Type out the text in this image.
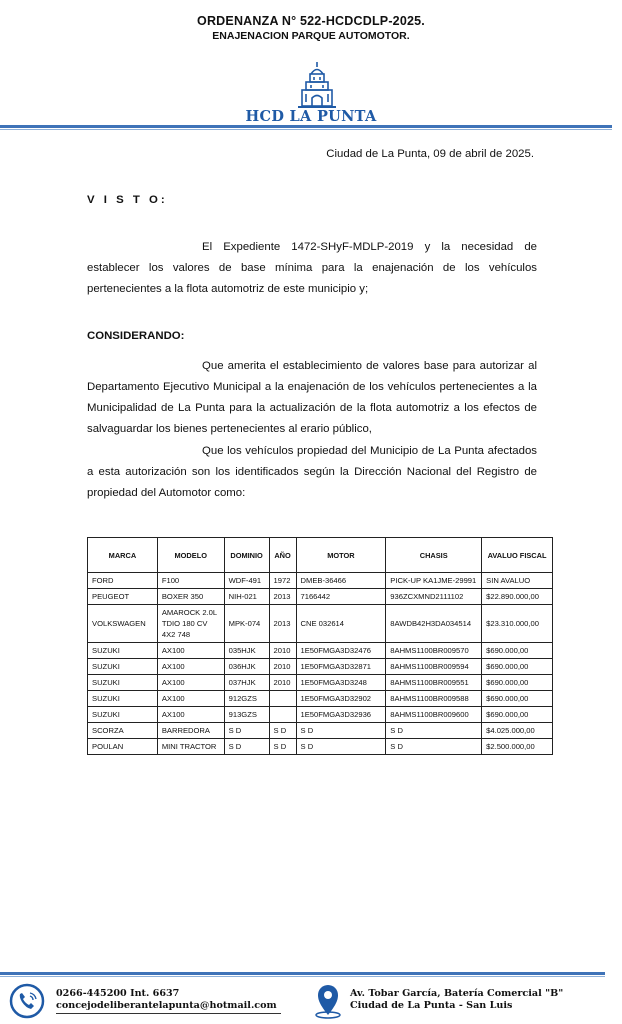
ORDENANZA N° 522-HCDCDLP-2025.
ENAJENACION PARQUE AUTOMOTOR.
HCD LA PUNTA
Ciudad de La Punta, 09 de abril de 2025.
V I S T O:
El Expediente 1472-SHyF-MDLP-2019 y la necesidad de establecer los valores de base mínima para la enajenación de los vehículos pertenecientes a la flota automotriz de este municipio y;
CONSIDERANDO:
Que amerita el establecimiento de valores base para autorizar al Departamento Ejecutivo Municipal a la enajenación de los vehículos pertenecientes a la Municipalidad de La Punta para la actualización de la flota automotriz a los efectos de salvaguardar los bienes pertenecientes al erario público,
Que los vehículos propiedad del Municipio de La Punta afectados a esta autorización son los identificados según la Dirección Nacional del Registro de propiedad del Automotor como:
MARCA	MODELO	DOMINIO	AÑO	MOTOR	CHASIS	AVALUO FISCAL
FORD	F100	WDF-491	1972	DMEB-36466	PICK-UP KA1JME-29991	SIN AVALUO
PEUGEOT	BOXER 350	NIH-021	2013	7166442	936ZCXMND2111102	$22.890.000,00
VOLKSWAGEN	AMAROCK 2.0L TDIO 180 CV 4X2 748	MPK-074	2013	CNE 032614	8AWDB42H3DA034514	$23.310.000,00
SUZUKI	AX100	035HJK	2010	1E50FMGA3D32476	8AHMS1100BR009570	$690.000,00
SUZUKI	AX100	036HJK	2010	1E50FMGA3D32871	8AHMS1100BR009594	$690.000,00
SUZUKI	AX100	037HJK	2010	1E50FMGA3D3248	8AHMS1100BR009551	$690.000,00
SUZUKI	AX100	912GZS		1E50FMGA3D32902	8AHMS1100BR009588	$690.000,00
SUZUKI	AX100	913GZS		1E50FMGA3D32936	8AHMS1100BR009600	$690.000,00
SCORZA	BARREDORA	S D	S D	S D	S D	$4.025.000,00
POULAN	MINI TRACTOR	S D	S D	S D	S D	$2.500.000,00
0266-445200 Int. 6637
concejodeliberantelapunta@hotmail.com
Av. Tobar García, Batería Comercial "B"
Ciudad de La Punta - San Luis
